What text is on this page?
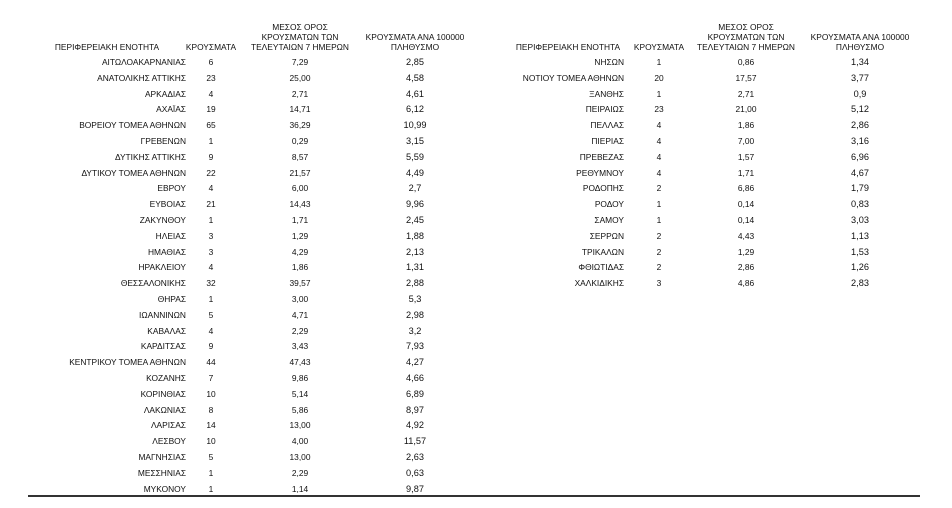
ΠΕΡΙΦΕΡΕΙΑΚΗ ΕΝΟΤΗΤΑ	ΚΡΟΥΣΜΑΤΑ
ΜΕΣΟΣ ΟΡΟΣ
ΚΡΟΥΣΜΑΤΩΝ ΤΩΝ
ΤΕΛΕΥΤΑΙΩΝ 7 ΗΜΕΡΩΝ
ΚΡΟΥΣΜΑΤΑ ΑΝΑ 100000
ΠΛΗΘΥΣΜΟ	ΠΕΡΙΦΕΡΕΙΑΚΗ ΕΝΟΤΗΤΑ	ΚΡΟΥΣΜΑΤΑ
ΜΕΣΟΣ ΟΡΟΣ
ΚΡΟΥΣΜΑΤΩΝ ΤΩΝ
ΤΕΛΕΥΤΑΙΩΝ 7 ΗΜΕΡΩΝ
ΚΡΟΥΣΜΑΤΑ ΑΝΑ 100000
ΠΛΗΘΥΣΜΟ
ΑΙΤΩΛΟΑΚΑΡΝΑΝΙΑΣ	6	7,29	2,85
ΑΝΑΤΟΛΙΚΗΣ ΑΤΤΙΚΗΣ	23	25,00	4,58
ΑΡΚΑΔΙΑΣ	4	2,71	4,61
ΑΧΑΪΑΣ	19	14,71	6,12
ΒΟΡΕΙΟΥ ΤΟΜΕΑ ΑΘΗΝΩΝ	65	36,29	10,99
ΓΡΕΒΕΝΩΝ	1	0,29	3,15
ΔΥΤΙΚΗΣ ΑΤΤΙΚΗΣ	9	8,57	5,59
ΔΥΤΙΚΟΥ ΤΟΜΕΑ ΑΘΗΝΩΝ	22	21,57	4,49
ΕΒΡΟΥ	4	6,00	2,7
ΕΥΒΟΙΑΣ	21	14,43	9,96
ΖΑΚΥΝΘΟΥ	1	1,71	2,45
ΗΛΕΙΑΣ	3	1,29	1,88
ΗΜΑΘΙΑΣ	3	4,29	2,13
ΗΡΑΚΛΕΙΟΥ	4	1,86	1,31
ΘΕΣΣΑΛΟΝΙΚΗΣ	32	39,57	2,88
ΘΗΡΑΣ	1	3,00	5,3
ΙΩΑΝΝΙΝΩΝ	5	4,71	2,98
ΚΑΒΑΛΑΣ	4	2,29	3,2
ΚΑΡΔΙΤΣΑΣ	9	3,43	7,93
ΚΕΝΤΡΙΚΟΥ ΤΟΜΕΑ ΑΘΗΝΩΝ	44	47,43	4,27
ΚΟΖΑΝΗΣ	7	9,86	4,66
ΚΟΡΙΝΘΙΑΣ	10	5,14	6,89
ΛΑΚΩΝΙΑΣ	8	5,86	8,97
ΛΑΡΙΣΑΣ	14	13,00	4,92
ΛΕΣΒΟΥ	10	4,00	11,57
ΜΑΓΝΗΣΙΑΣ	5	13,00	2,63
ΜΕΣΣΗΝΙΑΣ	1	2,29	0,63
ΜΥΚΟΝΟΥ	1	1,14	9,87
ΝΗΣΩΝ	1	0,86	1,34
ΝΟΤΙΟΥ ΤΟΜΕΑ ΑΘΗΝΩΝ	20	17,57	3,77
ΞΑΝΘΗΣ	1	2,71	0,9
ΠΕΙΡΑΙΩΣ	23	21,00	5,12
ΠΕΛΛΑΣ	4	1,86	2,86
ΠΙΕΡΙΑΣ	4	7,00	3,16
ΠΡΕΒΕΖΑΣ	4	1,57	6,96
ΡΕΘΥΜΝΟΥ	4	1,71	4,67
ΡΟΔΟΠΗΣ	2	6,86	1,79
ΡΟΔΟΥ	1	0,14	0,83
ΣΑΜΟΥ	1	0,14	3,03
ΣΕΡΡΩΝ	2	4,43	1,13
ΤΡΙΚΑΛΩΝ	2	1,29	1,53
ΦΘΙΩΤΙΔΑΣ	2	2,86	1,26
ΧΑΛΚΙΔΙΚΗΣ	3	4,86	2,83
